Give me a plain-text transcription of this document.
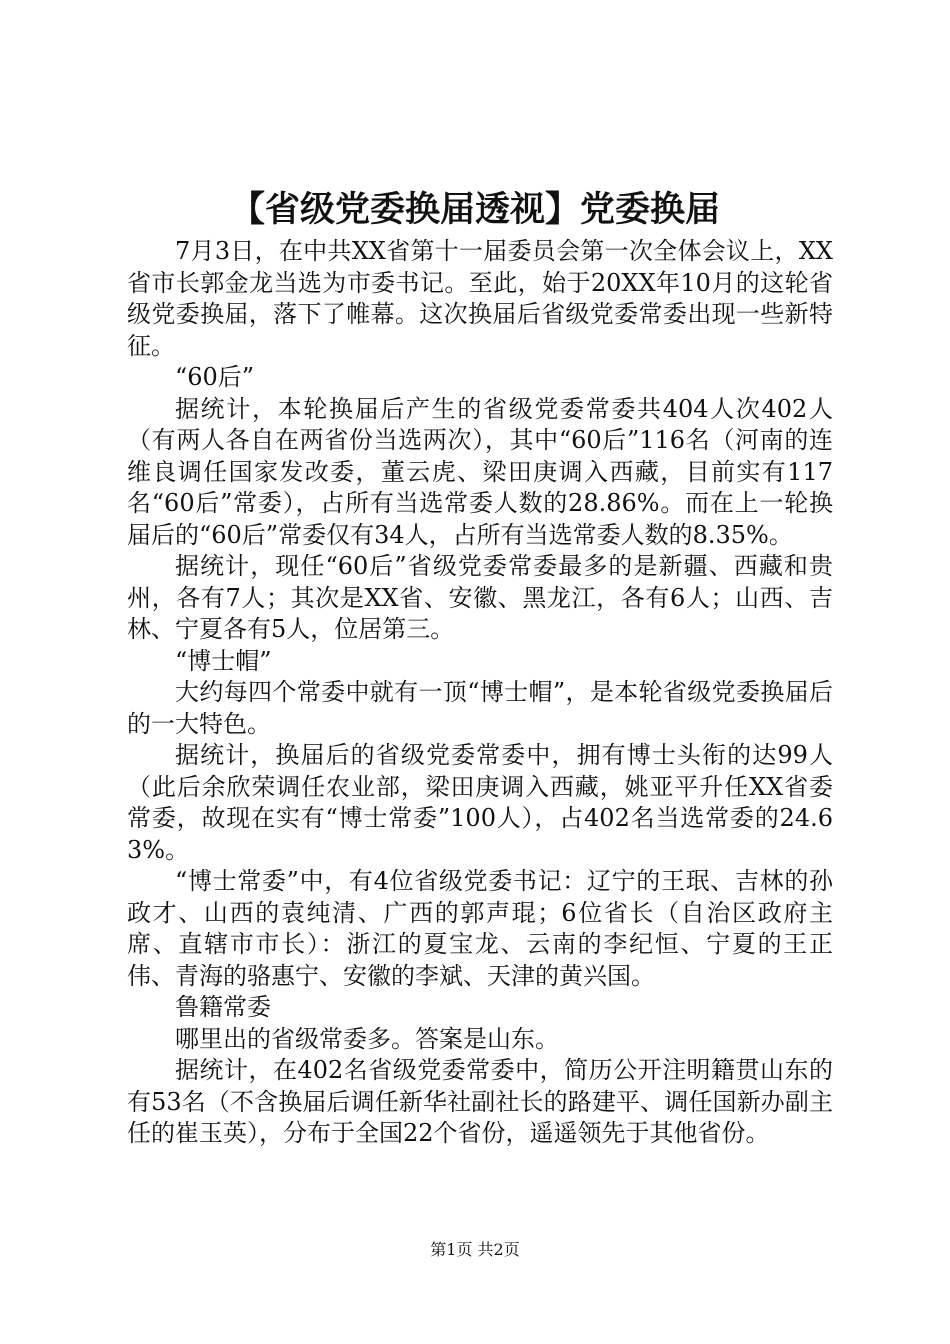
【省级党委换届透视】党委换届

7月3日，在中共XX省第十一届委员会第一次全体会议上，XX省市长郭金龙当选为市委书记。至此，始于20XX年10月的这轮省级党委换届，落下了帷幕。这次换届后省级党委常委出现一些新特征。

“60后”

据统计，本轮换届后产生的省级党委常委共404人次402人（有两人各自在两省份当选两次），其中“60后”116名（河南的连维良调任国家发改委，董云虎、梁田庚调入西藏，目前实有117名“60后”常委），占所有当选常委人数的28.86%。而在上一轮换届后的“60后”常委仅有34人，占所有当选常委人数的8.35%。

据统计，现任“60后”省级党委常委最多的是新疆、西藏和贵州，各有7人；其次是XX省、安徽、黑龙江，各有6人；山西、吉林、宁夏各有5人，位居第三。

“博士帽”

大约每四个常委中就有一顶“博士帽”，是本轮省级党委换届后的一大特色。

据统计，换届后的省级党委常委中，拥有博士头衔的达99人（此后余欣荣调任农业部，梁田庚调入西藏，姚亚平升任XX省委常委，故现在实有“博士常委”100人），占402名当选常委的24.63%。

“博士常委”中，有4位省级党委书记：辽宁的王珉、吉林的孙政才、山西的袁纯清、广西的郭声琨；6位省长（自治区政府主席、直辖市市长）：浙江的夏宝龙、云南的李纪恒、宁夏的王正伟、青海的骆惠宁、安徽的李斌、天津的黄兴国。

鲁籍常委

哪里出的省级常委多。答案是山东。

据统计，在402名省级党委常委中，简历公开注明籍贯山东的有53名（不含换届后调任新华社副社长的路建平、调任国新办副主任的崔玉英），分布于全国22个省份，遥遥领先于其他省份。

第1页 共2页
